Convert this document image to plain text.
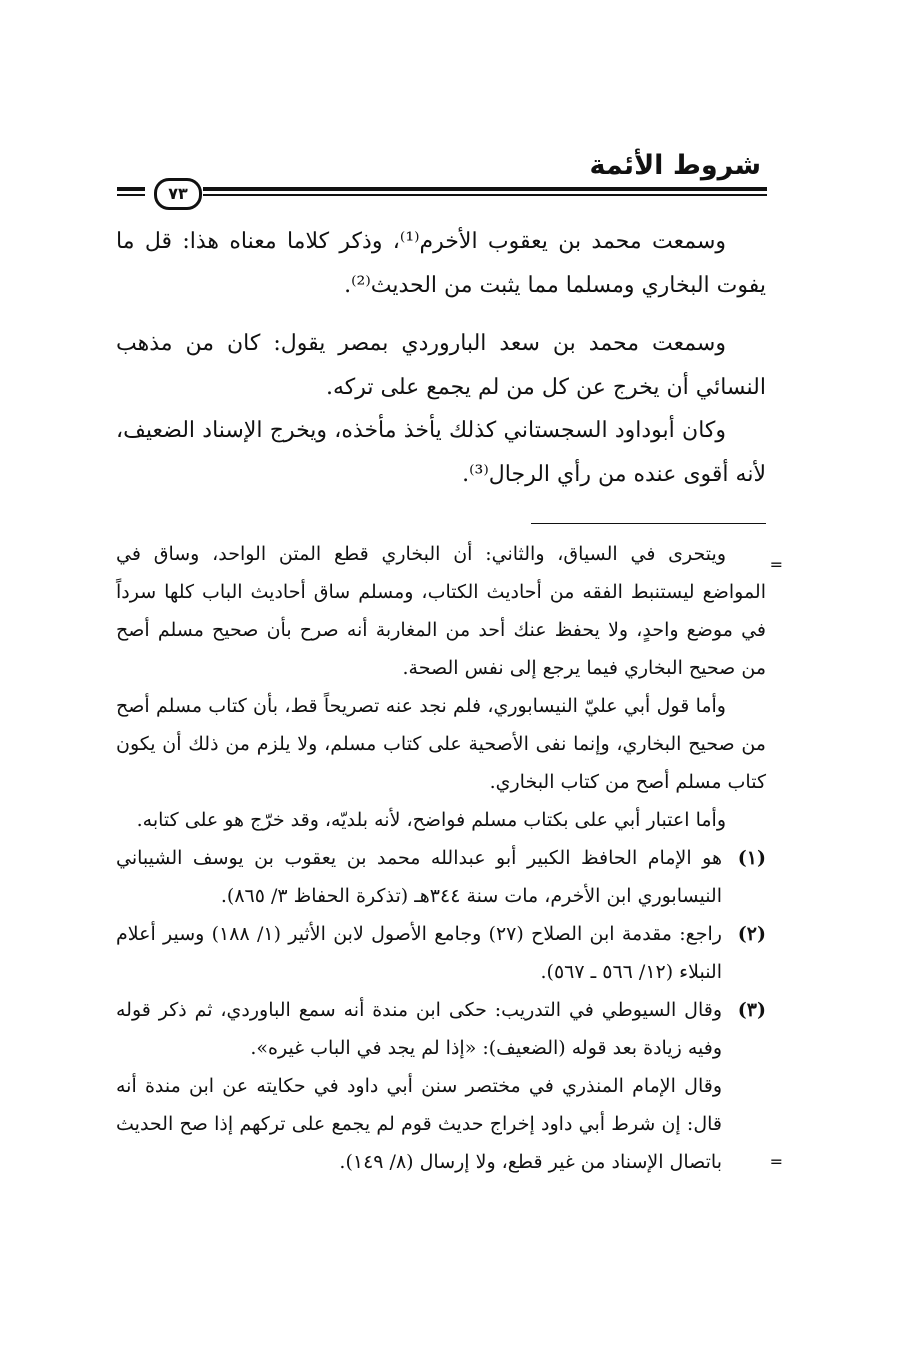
شروط الأئمة
٧٣

وسمعت محمد بن يعقوب الأخرم⁽¹⁾، وذكر كلاما معناه هذا: قل ما يفوت البخاري ومسلما مما يثبت من الحديث⁽²⁾.

وسمعت محمد بن سعد الباروردي بمصر يقول: كان من مذهب النسائي أن يخرج عن كل من لم يجمع على تركه.

وكان أبوداود السجستاني كذلك يأخذ مأخذه، ويخرج الإسناد الضعيف، لأنه أقوى عنده من رأي الرجال⁽³⁾.

=

ويتحرى في السياق، والثاني: أن البخاري قطع المتن الواحد، وساق في المواضع ليستنبط الفقه من أحاديث الكتاب، ومسلم ساق أحاديث الباب كلها سرداً في موضع واحدٍ، ولا يحفظ عنك أحد من المغاربة أنه صرح بأن صحيح مسلم أصح من صحيح البخاري فيما يرجع إلى نفس الصحة.

وأما قول أبي عليّ النيسابوري، فلم نجد عنه تصريحاً قط، بأن كتاب مسلم أصح من صحيح البخاري، وإنما نفى الأصحية على كتاب مسلم، ولا يلزم من ذلك أن يكون كتاب مسلم أصح من كتاب البخاري.

وأما اعتبار أبي على بكتاب مسلم فواضح، لأنه بلديّه، وقد خرّج هو على كتابه.

(١)

هو الإمام الحافظ الكبير أبو عبدالله محمد بن يعقوب بن يوسف الشيباني النيسابوري ابن الأخرم، مات سنة ٣٤٤هـ (تذكرة الحفاظ ٣/ ٨٦٥).

(٢)

راجع: مقدمة ابن الصلاح (٢٧) وجامع الأصول لابن الأثير (١/ ١٨٨) وسير أعلام النبلاء (١٢/ ٥٦٦ ـ ٥٦٧).

(٣)

وقال السيوطي في التدريب: حكى ابن مندة أنه سمع الباوردي، ثم ذكر قوله وفيه زيادة بعد قوله (الضعيف): «إذا لم يجد في الباب غيره».

وقال الإمام المنذري في مختصر سنن أبي داود في حكايته عن ابن مندة أنه قال: إن شرط أبي داود إخراج حديث قوم لم يجمع على تركهم إذا صح الحديث باتصال الإسناد من غير قطع، ولا إرسال (٨/ ١٤٩).	=
